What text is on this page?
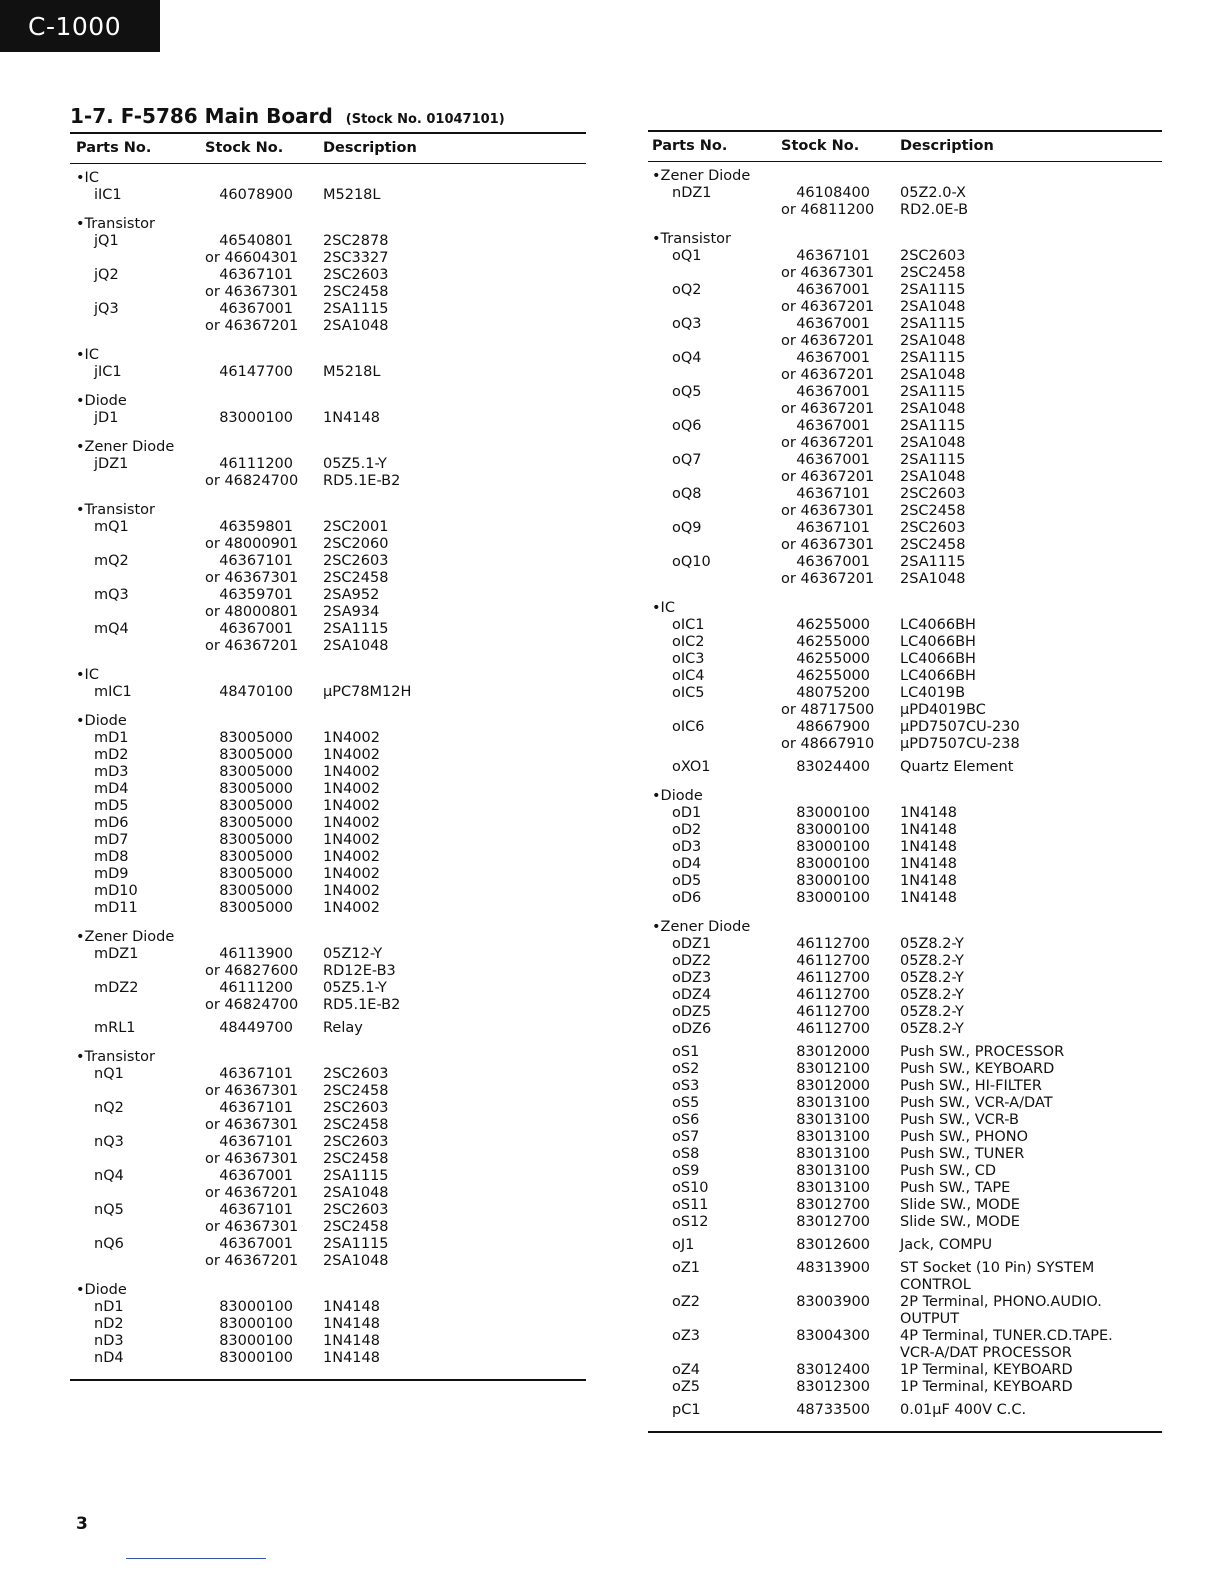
C-1000
1-7. F-5786 Main Board (Stock No. 01047101)
Parts No.	Stock No.	Description
•IC
iIC1	46078900	M5218L
•Transistor
jQ1	46540801	2SC2878
or 46604301	2SC3327
jQ2	46367101	2SC2603
or 46367301	2SC2458
jQ3	46367001	2SA1115
or 46367201	2SA1048
•IC
jIC1	46147700	M5218L
•Diode
jD1	83000100	1N4148
•Zener Diode
jDZ1	46111200	05Z5.1-Y
or 46824700	RD5.1E-B2
•Transistor
mQ1	46359801	2SC2001
or 48000901	2SC2060
mQ2	46367101	2SC2603
or 46367301	2SC2458
mQ3	46359701	2SA952
or 48000801	2SA934
mQ4	46367001	2SA1115
or 46367201	2SA1048
•IC
mIC1	48470100	μPC78M12H
•Diode
mD1	83005000	1N4002
mD2	83005000	1N4002
mD3	83005000	1N4002
mD4	83005000	1N4002
mD5	83005000	1N4002
mD6	83005000	1N4002
mD7	83005000	1N4002
mD8	83005000	1N4002
mD9	83005000	1N4002
mD10	83005000	1N4002
mD11	83005000	1N4002
•Zener Diode
mDZ1	46113900	05Z12-Y
or 46827600	RD12E-B3
mDZ2	46111200	05Z5.1-Y
or 46824700	RD5.1E-B2
mRL1	48449700	Relay
•Transistor
nQ1	46367101	2SC2603
or 46367301	2SC2458
nQ2	46367101	2SC2603
or 46367301	2SC2458
nQ3	46367101	2SC2603
or 46367301	2SC2458
nQ4	46367001	2SA1115
or 46367201	2SA1048
nQ5	46367101	2SC2603
or 46367301	2SC2458
nQ6	46367001	2SA1115
or 46367201	2SA1048
•Diode
nD1	83000100	1N4148
nD2	83000100	1N4148
nD3	83000100	1N4148
nD4	83000100	1N4148
Parts No.	Stock No.	Description
•Zener Diode
nDZ1	46108400	05Z2.0-X
or 46811200	RD2.0E-B
•Transistor
oQ1	46367101	2SC2603
or 46367301	2SC2458
oQ2	46367001	2SA1115
or 46367201	2SA1048
oQ3	46367001	2SA1115
or 46367201	2SA1048
oQ4	46367001	2SA1115
or 46367201	2SA1048
oQ5	46367001	2SA1115
or 46367201	2SA1048
oQ6	46367001	2SA1115
or 46367201	2SA1048
oQ7	46367001	2SA1115
or 46367201	2SA1048
oQ8	46367101	2SC2603
or 46367301	2SC2458
oQ9	46367101	2SC2603
or 46367301	2SC2458
oQ10	46367001	2SA1115
or 46367201	2SA1048
•IC
oIC1	46255000	LC4066BH
oIC2	46255000	LC4066BH
oIC3	46255000	LC4066BH
oIC4	46255000	LC4066BH
oIC5	48075200	LC4019B
or 48717500	μPD4019BC
oIC6	48667900	μPD7507CU-230
or 48667910	μPD7507CU-238
oXO1	83024400	Quartz Element
•Diode
oD1	83000100	1N4148
oD2	83000100	1N4148
oD3	83000100	1N4148
oD4	83000100	1N4148
oD5	83000100	1N4148
oD6	83000100	1N4148
•Zener Diode
oDZ1	46112700	05Z8.2-Y
oDZ2	46112700	05Z8.2-Y
oDZ3	46112700	05Z8.2-Y
oDZ4	46112700	05Z8.2-Y
oDZ5	46112700	05Z8.2-Y
oDZ6	46112700	05Z8.2-Y
oS1	83012000	Push SW., PROCESSOR
oS2	83012100	Push SW., KEYBOARD
oS3	83012000	Push SW., HI-FILTER
oS5	83013100	Push SW., VCR-A/DAT
oS6	83013100	Push SW., VCR-B
oS7	83013100	Push SW., PHONO
oS8	83013100	Push SW., TUNER
oS9	83013100	Push SW., CD
oS10	83013100	Push SW., TAPE
oS11	83012700	Slide SW., MODE
oS12	83012700	Slide SW., MODE
oJ1	83012600	Jack, COMPU
oZ1	48313900	ST Socket (10 Pin) SYSTEM
CONTROL
oZ2	83003900	2P Terminal, PHONO.AUDIO.
OUTPUT
oZ3	83004300	4P Terminal, TUNER.CD.TAPE.
VCR-A/DAT PROCESSOR
oZ4	83012400	1P Terminal, KEYBOARD
oZ5	83012300	1P Terminal, KEYBOARD
pC1	48733500	0.01μF 400V C.C.
3
